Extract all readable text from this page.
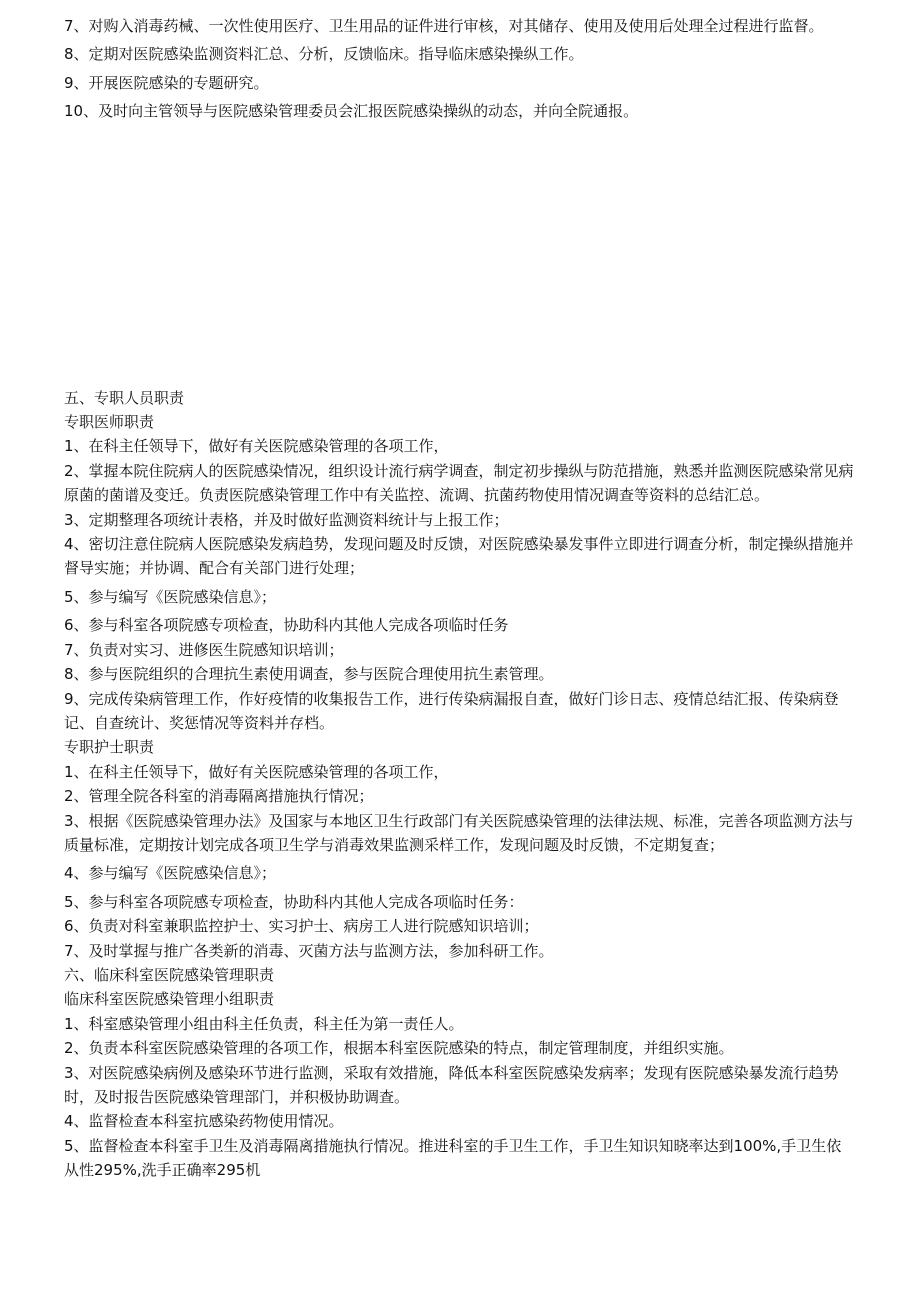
7、对购入消毒药械、一次性使用医疗、卫生用品的证件进行审核，对其储存、使用及使用后处理全过程进行监督。

8、定期对医院感染监测资料汇总、分析，反馈临床。指导临床感染操纵工作。

9、开展医院感染的专题研究。

10、及时向主管领导与医院感染管理委员会汇报医院感染操纵的动态，并向全院通报。

五、专职人员职责

专职医师职责

1、在科主任领导下，做好有关医院感染管理的各项工作，

2、掌握本院住院病人的医院感染情况，组织设计流行病学调查，制定初步操纵与防范措施，熟悉并监测医院感染常见病原菌的菌谱及变迁。负责医院感染管理工作中有关监控、流调、抗菌药物使用情况调查等资料的总结汇总。

3、定期整理各项统计表格，并及时做好监测资料统计与上报工作；

4、密切注意住院病人医院感染发病趋势，发现问题及时反馈，对医院感染暴发事件立即进行调查分析，制定操纵措施并督导实施；并协调、配合有关部门进行处理；

5、参与编写《医院感染信息》；

6、参与科室各项院感专项检查，协助科内其他人完成各项临时任务

7、负责对实习、进修医生院感知识培训；

8、参与医院组织的合理抗生素使用调查，参与医院合理使用抗生素管理。

9、完成传染病管理工作，作好疫情的收集报告工作，进行传染病漏报自查，做好门诊日志、疫情总结汇报、传染病登记、自查统计、奖惩情况等资料并存档。

专职护士职责

1、在科主任领导下，做好有关医院感染管理的各项工作，

2、管理全院各科室的消毒隔离措施执行情况；

3、根据《医院感染管理办法》及国家与本地区卫生行政部门有关医院感染管理的法律法规、标准，完善各项监测方法与质量标准，定期按计划完成各项卫生学与消毒效果监测采样工作，发现问题及时反馈，不定期复查；

4、参与编写《医院感染信息》；

5、参与科室各项院感专项检查，协助科内其他人完成各项临时任务：

6、负责对科室兼职监控护士、实习护士、病房工人进行院感知识培训；

7、及时掌握与推广各类新的消毒、灭菌方法与监测方法，参加科研工作。

六、临床科室医院感染管理职责

临床科室医院感染管理小组职责

1、科室感染管理小组由科主任负责，科主任为第一责任人。

2、负责本科室医院感染管理的各项工作，根据本科室医院感染的特点，制定管理制度，并组织实施。

3、对医院感染病例及感染环节进行监测，采取有效措施，降低本科室医院感染发病率；发现有医院感染暴发流行趋势时，及时报告医院感染管理部门，并积极协助调查。

4、监督检查本科室抗感染药物使用情况。

5、监督检查本科室手卫生及消毒隔离措施执行情况。推进科室的手卫生工作，手卫生知识知晓率达到100%,手卫生依从性295%,洗手正确率295机
